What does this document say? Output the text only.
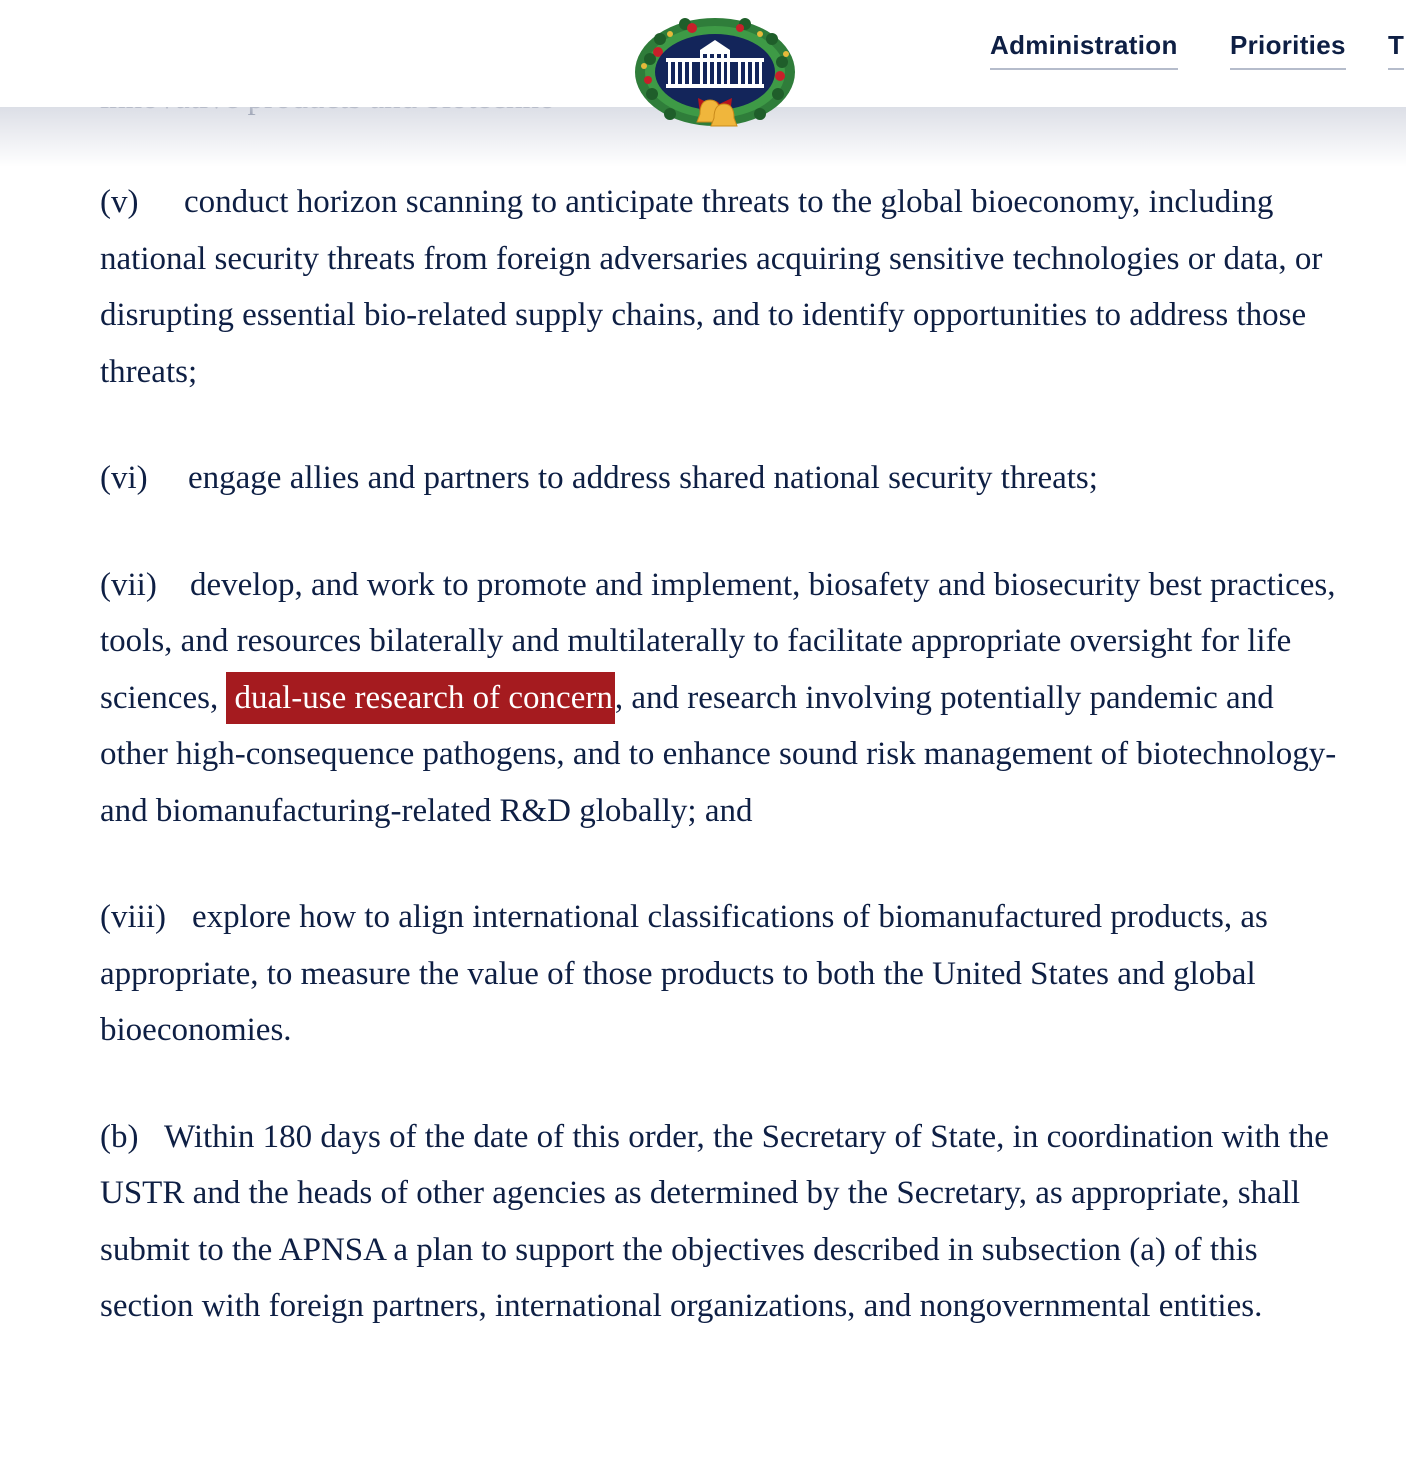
Administration Priorities T

(v) conduct horizon scanning to anticipate threats to the global bioeconomy, including national security threats from foreign adversaries acquiring sensitive technologies or data, or disrupting essential bio-related supply chains, and to identify opportunities to address those threats;

(vi) engage allies and partners to address shared national security threats;

(vii) develop, and work to promote and implement, biosafety and biosecurity best practices, tools, and resources bilaterally and multilaterally to facilitate appropriate oversight for life sciences, dual-use research of concern, and research involving potentially pandemic and other high-consequence pathogens, and to enhance sound risk management of biotechnology- and biomanufacturing-related R&D globally; and

(viii) explore how to align international classifications of biomanufactured products, as appropriate, to measure the value of those products to both the United States and global bioeconomies.

(b) Within 180 days of the date of this order, the Secretary of State, in coordination with the USTR and the heads of other agencies as determined by the Secretary, as appropriate, shall submit to the APNSA a plan to support the objectives described in subsection (a) of this section with foreign partners, international organizations, and nongovernmental entities.
